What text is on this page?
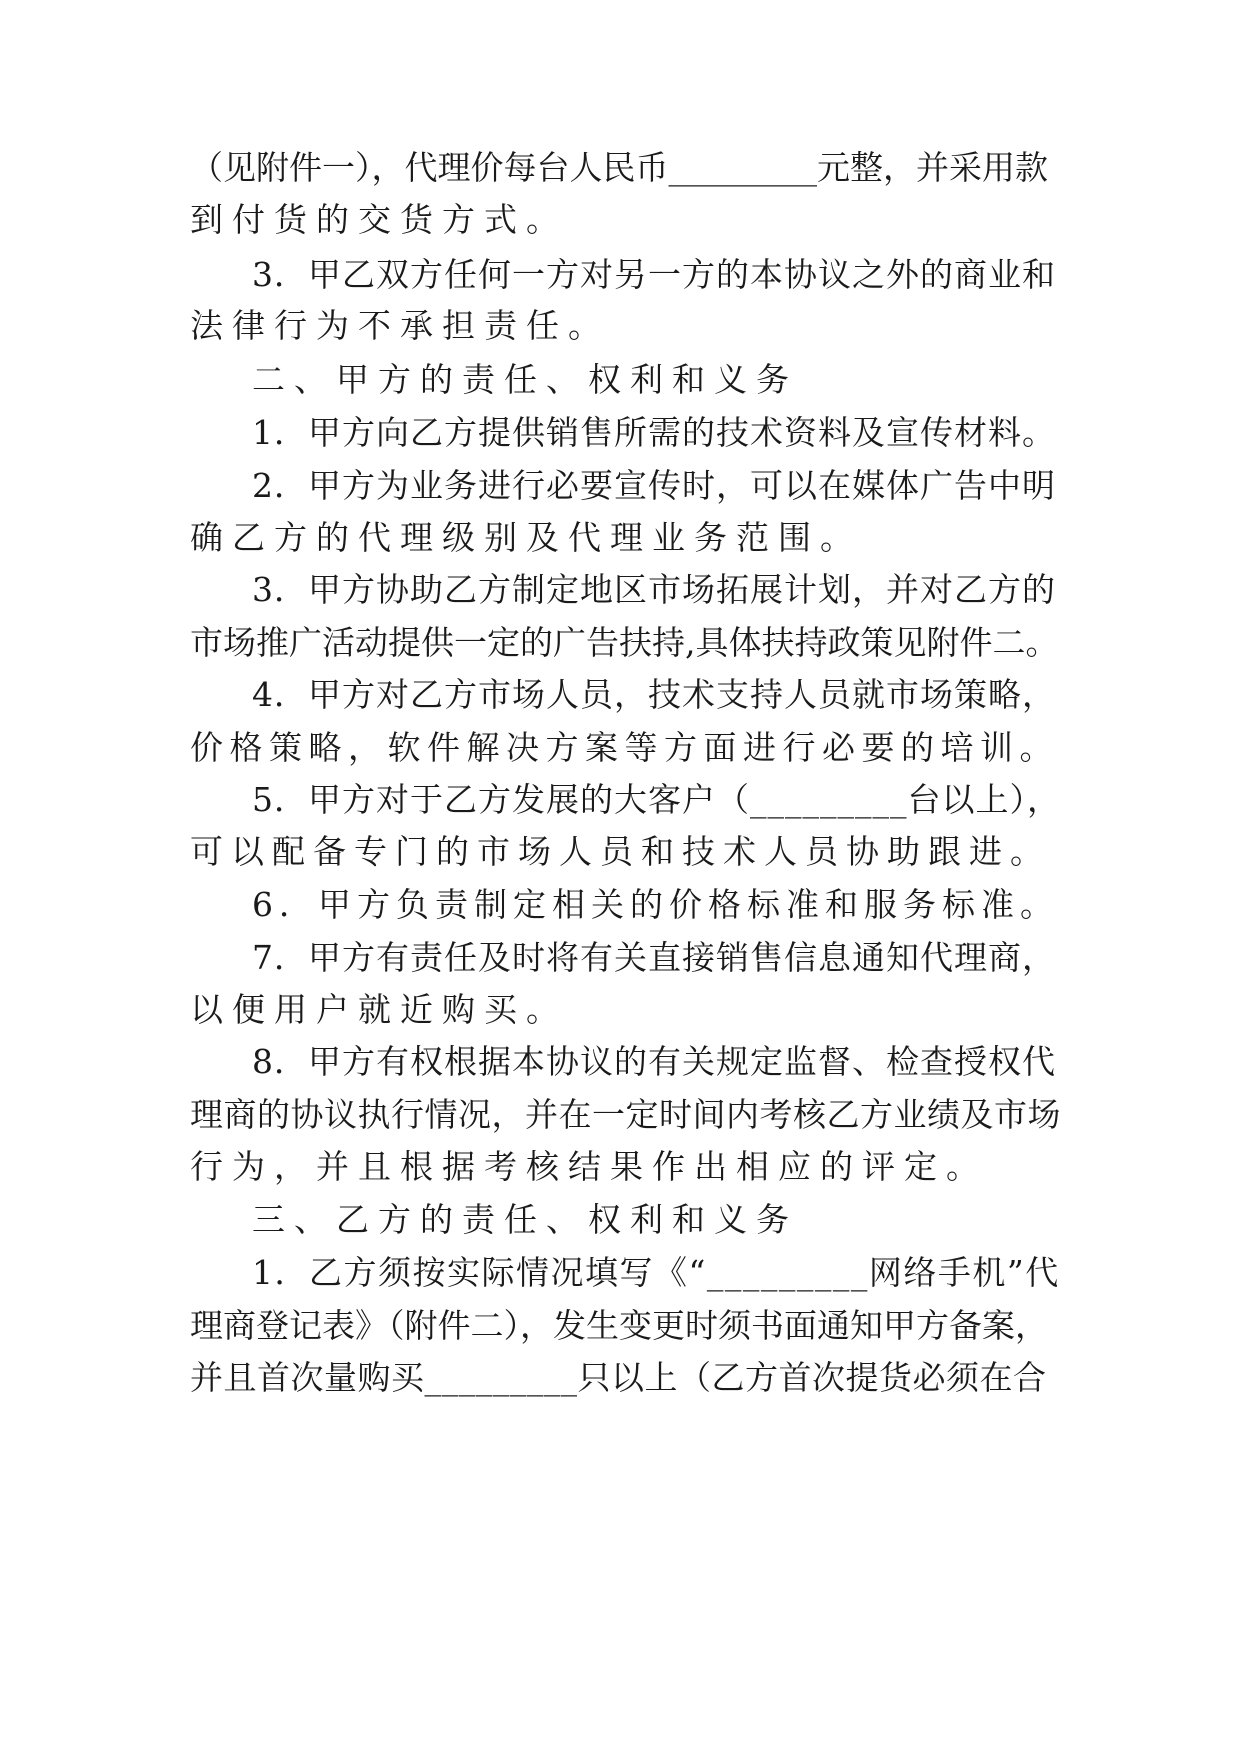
（见附件一），代理价每台人民币_________元整，并采用款
到付货的交货方式。
3．甲乙双方任何一方对另一方的本协议之外的商业和
法律行为不承担责任。
二、甲方的责任、权利和义务
1．甲方向乙方提供销售所需的技术资料及宣传材料。
2．甲方为业务进行必要宣传时，可以在媒体广告中明
确乙方的代理级别及代理业务范围。
3．甲方协助乙方制定地区市场拓展计划，并对乙方的
市场推广活动提供一定的广告扶持,具体扶持政策见附件二。
4．甲方对乙方市场人员，技术支持人员就市场策略，
价格策略，软件解决方案等方面进行必要的培训。
5．甲方对于乙方发展的大客户（_________台以上），
可以配备专门的市场人员和技术人员协助跟进。
6．甲方负责制定相关的价格标准和服务标准。
7．甲方有责任及时将有关直接销售信息通知代理商，
以便用户就近购买。
8．甲方有权根据本协议的有关规定监督、检查授权代
理商的协议执行情况，并在一定时间内考核乙方业绩及市场
行为，并且根据考核结果作出相应的评定。
三、乙方的责任、权利和义务
1．乙方须按实际情况填写《“_________网络手机”代
理商登记表》（附件二），发生变更时须书面通知甲方备案，
并且首次量购买_________只以上（乙方首次提货必须在合
